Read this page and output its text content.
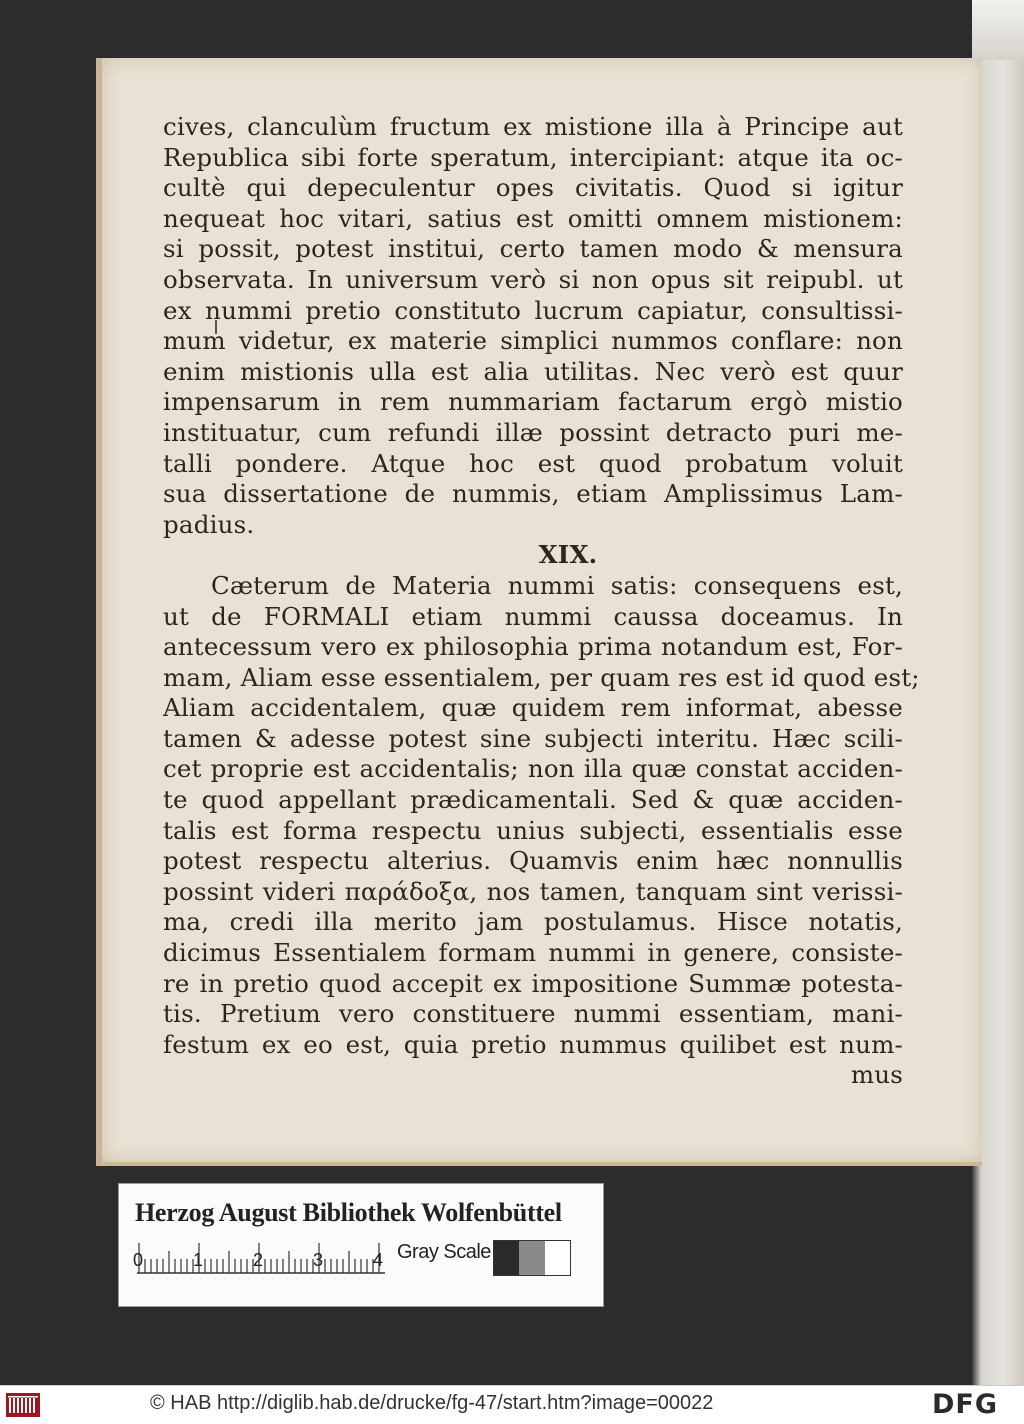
cives, clanculùm fructum ex mistione illa à Principe aut
Republica sibi forte speratum, intercipiant: atque ita oc-
cultè qui depeculentur opes civitatis. Quod si igitur
nequeat hoc vitari, satius est omitti omnem mistionem:
si possit, potest institui, certo tamen modo & mensura
observata. In universum verò si non opus sit reipubl. ut
ex nummi pretio constituto lucrum capiatur, consultissi-
mum videtur, ex materie simplici nummos conflare: non
enim mistionis ulla est alia utilitas. Nec verò est quur
impensarum in rem nummariam factarum ergò mistio
instituatur, cum refundi illæ possint detracto puri me-
talli pondere. Atque hoc est quod probatum voluit
sua dissertatione de nummis, etiam Amplissimus Lam-
padius.
XIX.
Cæterum de Materia nummi satis: consequens est,
ut de FORMALI etiam nummi caussa doceamus. In
antecessum vero ex philosophia prima notandum est, For-
mam, Aliam esse essentialem, per quam res est id quod est;
Aliam accidentalem, quæ quidem rem informat, abesse
tamen & adesse potest sine subjecti interitu. Hæc scili-
cet proprie est accidentalis; non illa quæ constat acciden-
te quod appellant prædicamentali. Sed & quæ acciden-
talis est forma respectu unius subjecti, essentialis esse
potest respectu alterius. Quamvis enim hæc nonnullis
possint videri παράδοξα, nos tamen, tanquam sint verissi-
ma, credi illa merito jam postulamus. Hisce notatis,
dicimus Essentialem formam nummi in genere, consiste-
re in pretio quod accepit ex impositione Summæ potesta-
tis. Pretium vero constituere nummi essentiam, mani-
festum ex eo est, quia pretio nummus quilibet est num-
mus
Herzog August Bibliothek Wolfenbüttel
0	1	2	3	4 Gray Scale
© HAB http://diglib.hab.de/drucke/fg-47/start.htm?image=00022	DFG
